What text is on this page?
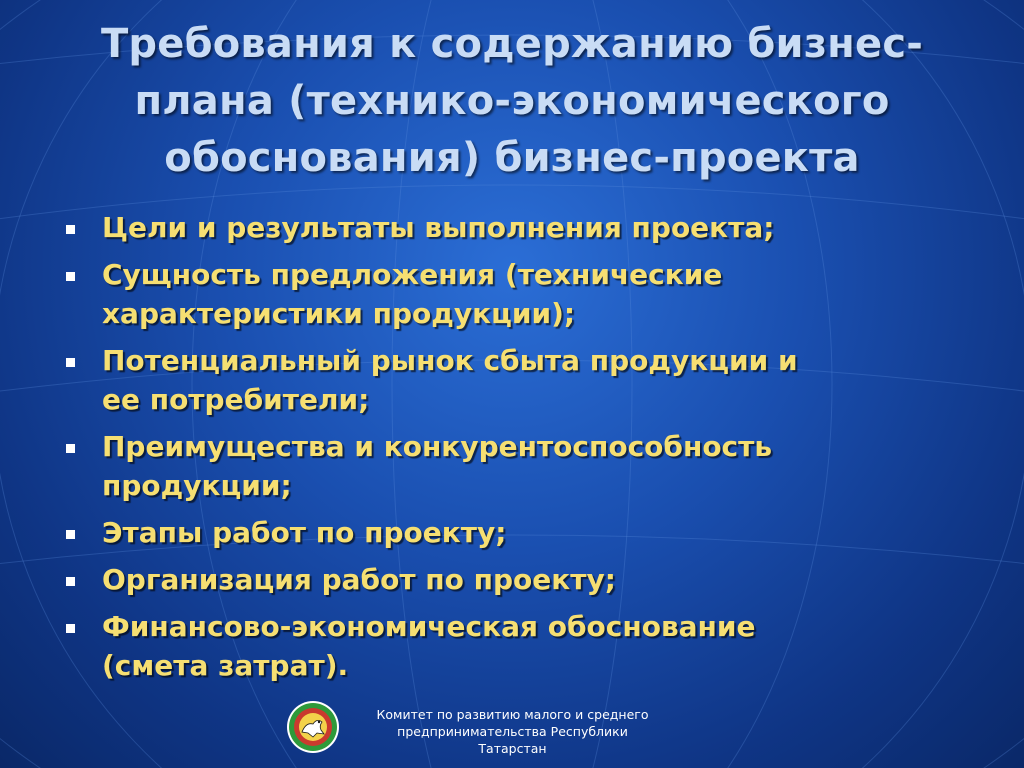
Требования к содержанию бизнес-
плана (технико-экономического
обоснования) бизнес-проекта
Цели и результаты выполнения проекта;
Сущность предложения (технические
характеристики продукции);
Потенциальный рынок сбыта продукции и
ее потребители;
Преимущества и конкурентоспособность
продукции;
Этапы работ по проекту;
Организация работ по проекту;
Финансово-экономическая обоснование
(смета затрат).
Комитет по развитию малого и среднего
предпринимательства Республики
Татарстан
